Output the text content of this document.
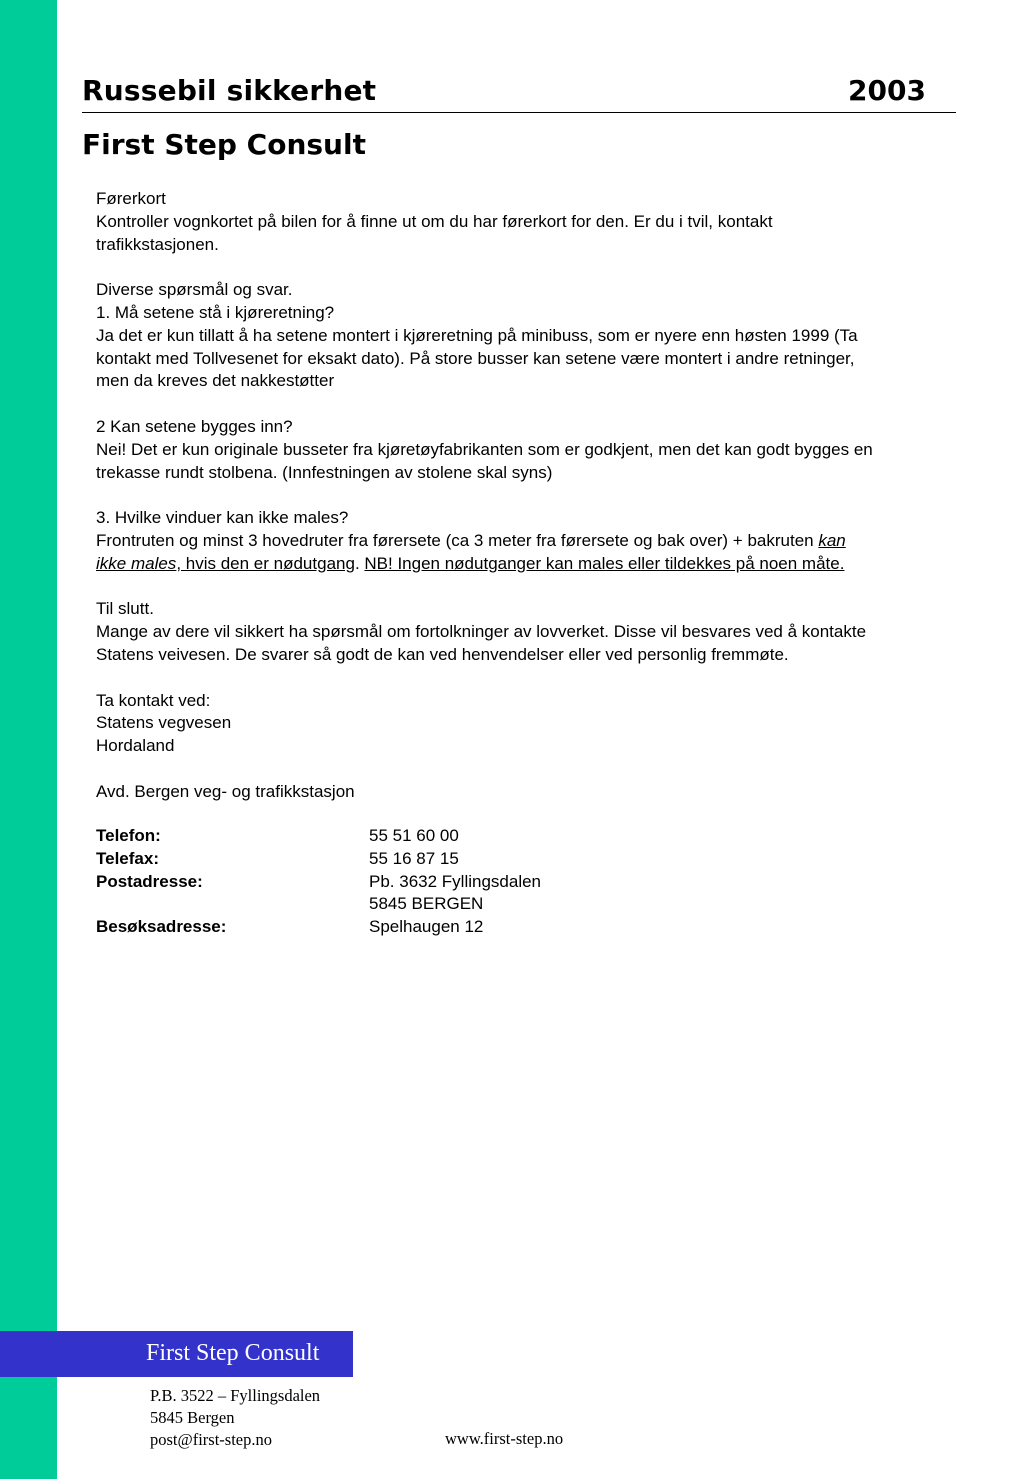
Russebil sikkerhet	2003
First Step Consult
Førerkort
Kontroller vognkortet på bilen for å finne ut om du har førerkort for den. Er du i tvil, kontakt
trafikkstasjonen.
Diverse spørsmål og svar.
1. Må setene stå i kjøreretning?
Ja det er kun tillatt å ha setene montert i kjøreretning på minibuss, som er nyere enn høsten 1999 (Ta
kontakt med Tollvesenet for eksakt dato). På store busser kan setene være montert i andre retninger,
men da kreves det nakkestøtter
2 Kan setene bygges inn?
Nei! Det er kun originale busseter fra kjøretøyfabrikanten som er godkjent, men det kan godt bygges en
trekasse rundt stolbena. (Innfestningen av stolene skal syns)
3. Hvilke vinduer kan ikke males?
Frontruten og minst 3 hovedruter fra førersete (ca 3 meter fra førersete og bak over) + bakruten kan
ikke males, hvis den er nødutgang. NB! Ingen nødutganger kan males eller tildekkes på noen måte.
Til slutt.
Mange av dere vil sikkert ha spørsmål om fortolkninger av lovverket. Disse vil besvares ved å kontakte
Statens veivesen. De svarer så godt de kan ved henvendelser eller ved personlig fremmøte.
Ta kontakt ved:
Statens vegvesen
Hordaland
Avd. Bergen veg- og trafikkstasjon
Telefon:	55 51 60 00
Telefax:	55 16 87 15
Postadresse:	Pb. 3632 Fyllingsdalen
5845 BERGEN
Besøksadresse:	Spelhaugen 12
First Step Consult
P.B. 3522 – Fyllingsdalen
5845 Bergen
post@first-step.no	www.first-step.no
